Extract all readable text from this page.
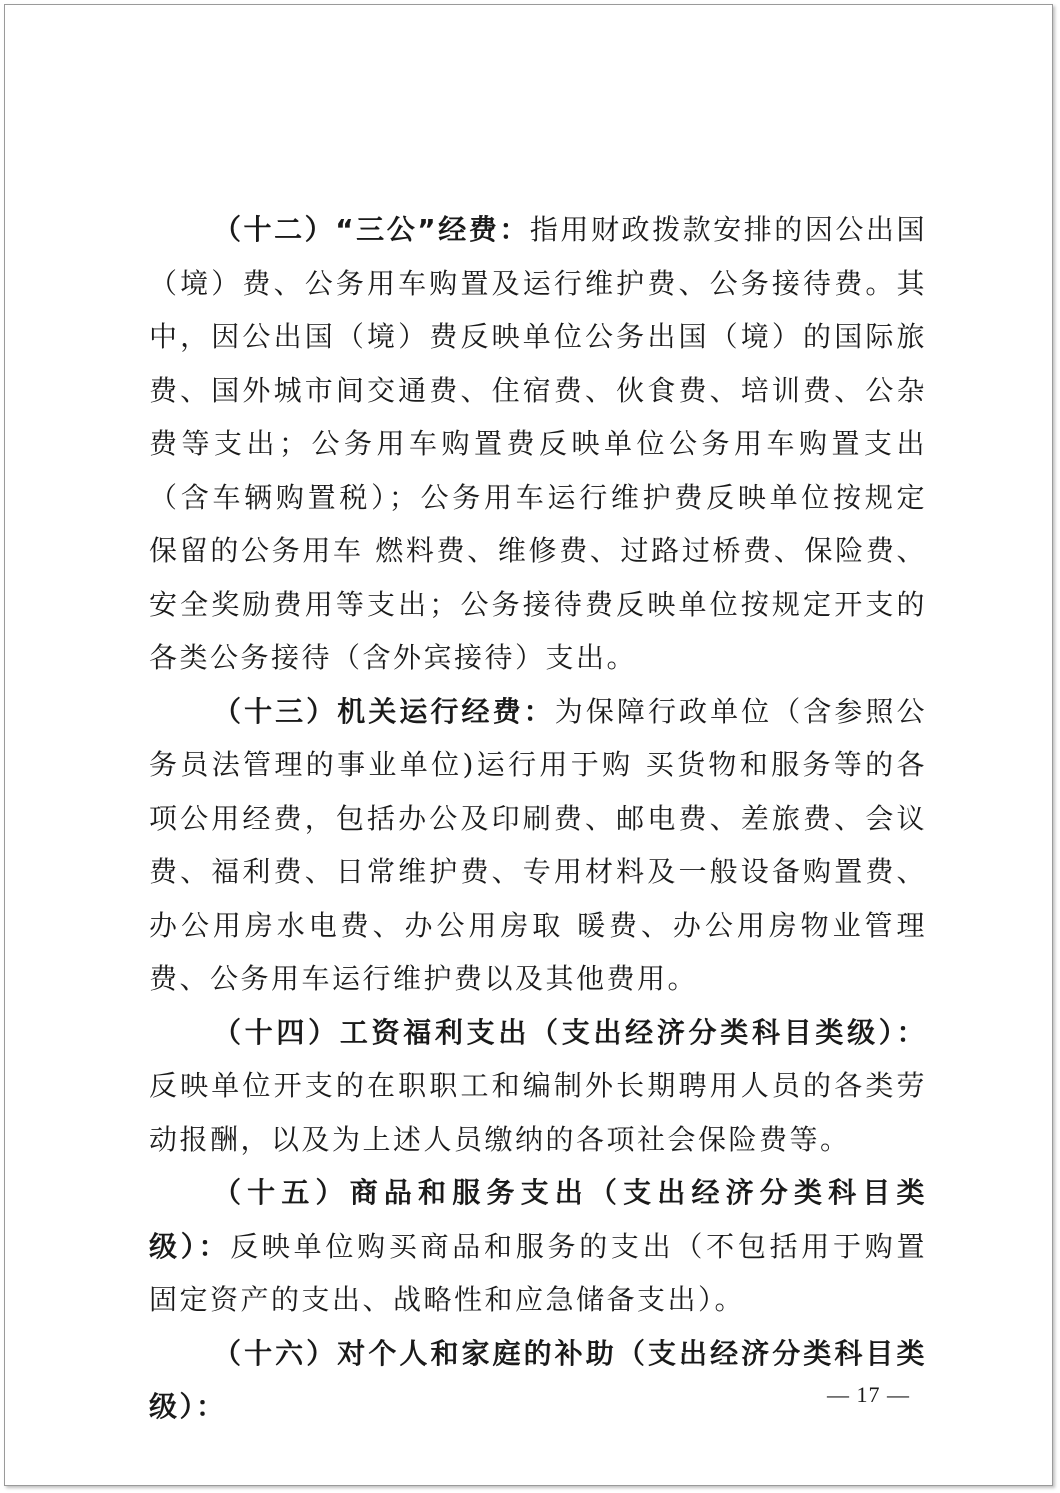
（十二）“三公”经费：指用财政拨款安排的因公出国（境）费、公务用车购置及运行维护费、公务接待费。其中，因公出国（境）费反映单位公务出国（境）的国际旅费、国外城市间交通费、住宿费、伙食费、培训费、公杂费等支出；公务用车购置费反映单位公务用车购置支出（含车辆购置税）；公务用车运行维护费反映单位按规定保留的公务用车 燃料费、维修费、过路过桥费、保险费、安全奖励费用等支出；公务接待费反映单位按规定开支的各类公务接待（含外宾接待）支出。

（十三）机关运行经费：为保障行政单位（含参照公务员法管理的事业单位)运行用于购 买货物和服务等的各项公用经费，包括办公及印刷费、邮电费、差旅费、会议费、福利费、日常维护费、专用材料及一般设备购置费、办公用房水电费、办公用房取 暖费、办公用房物业管理费、公务用车运行维护费以及其他费用。

（十四）工资福利支出（支出经济分类科目类级）：反映单位开支的在职职工和编制外长期聘用人员的各类劳动报酬，以及为上述人员缴纳的各项社会保险费等。

（十五）商品和服务支出（支出经济分类科目类级）：反映单位购买商品和服务的支出（不包括用于购置固定资产的支出、战略性和应急储备支出）。

（十六）对个人和家庭的补助（支出经济分类科目类级）：	— 17 —
